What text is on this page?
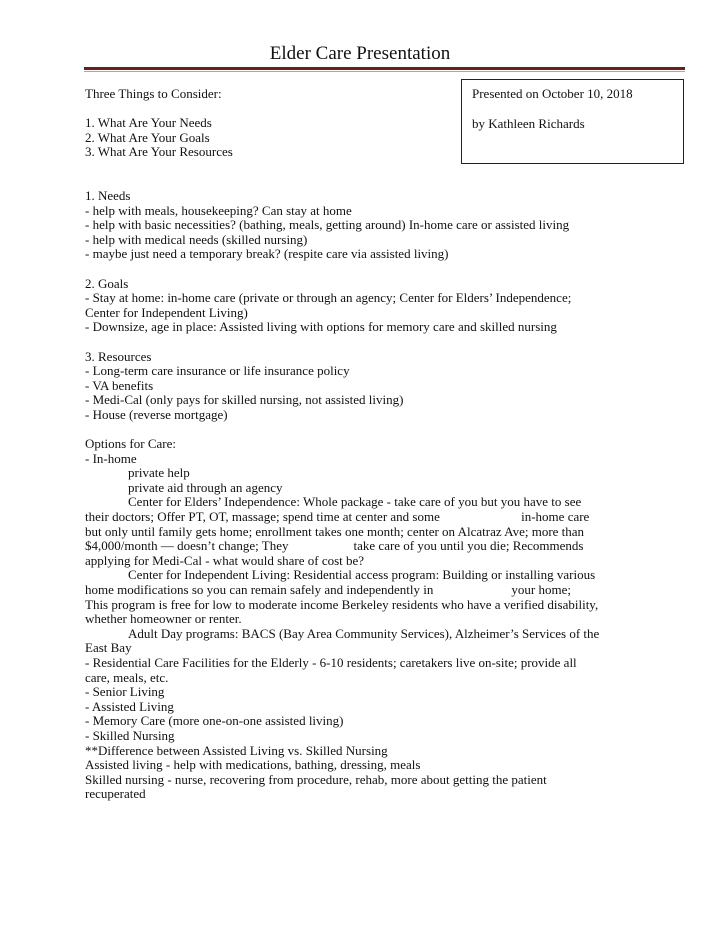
Elder Care Presentation
Presented on October 10, 2018
by Kathleen Richards
Three Things to Consider:
1. What Are Your Needs
2. What Are Your Goals
3. What Are Your Resources
1. Needs
- help with meals, housekeeping? Can stay at home
- help with basic necessities? (bathing, meals, getting around) In-home care or assisted living
- help with medical needs (skilled nursing)
- maybe just need a temporary break? (respite care via assisted living)
2. Goals
- Stay at home: in-home care (private or through an agency; Center for Elders’ Independence;
Center for Independent Living)
- Downsize, age in place: Assisted living with options for memory care and skilled nursing
3. Resources
- Long-term care insurance or life insurance policy
- VA benefits
- Medi-Cal (only pays for skilled nursing, not assisted living)
- House (reverse mortgage)
Options for Care:
- In-home
private help
private aid through an agency
Center for Elders’ Independence: Whole package - take care of you but you have to see
their doctors; Offer PT, OT, massage; spend time at center and some                         in-home care
but only until family gets home; enrollment takes one month; center on Alcatraz Ave; more than
$4,000/month — doesn’t change; They                    take care of you until you die; Recommends
applying for Medi-Cal - what would share of cost be?
Center for Independent Living: Residential access program: Building or installing various
home modifications so you can remain safely and independently in                        your home;
This program is free for low to moderate income Berkeley residents who have a verified disability,
whether homeowner or renter.
Adult Day programs: BACS (Bay Area Community Services), Alzheimer’s Services of the
East Bay
- Residential Care Facilities for the Elderly - 6-10 residents; caretakers live on-site; provide all
care, meals, etc.
- Senior Living
- Assisted Living
- Memory Care (more one-on-one assisted living)
- Skilled Nursing
**Difference between Assisted Living vs. Skilled Nursing
Assisted living - help with medications, bathing, dressing, meals
Skilled nursing - nurse, recovering from procedure, rehab, more about getting the patient
recuperated
